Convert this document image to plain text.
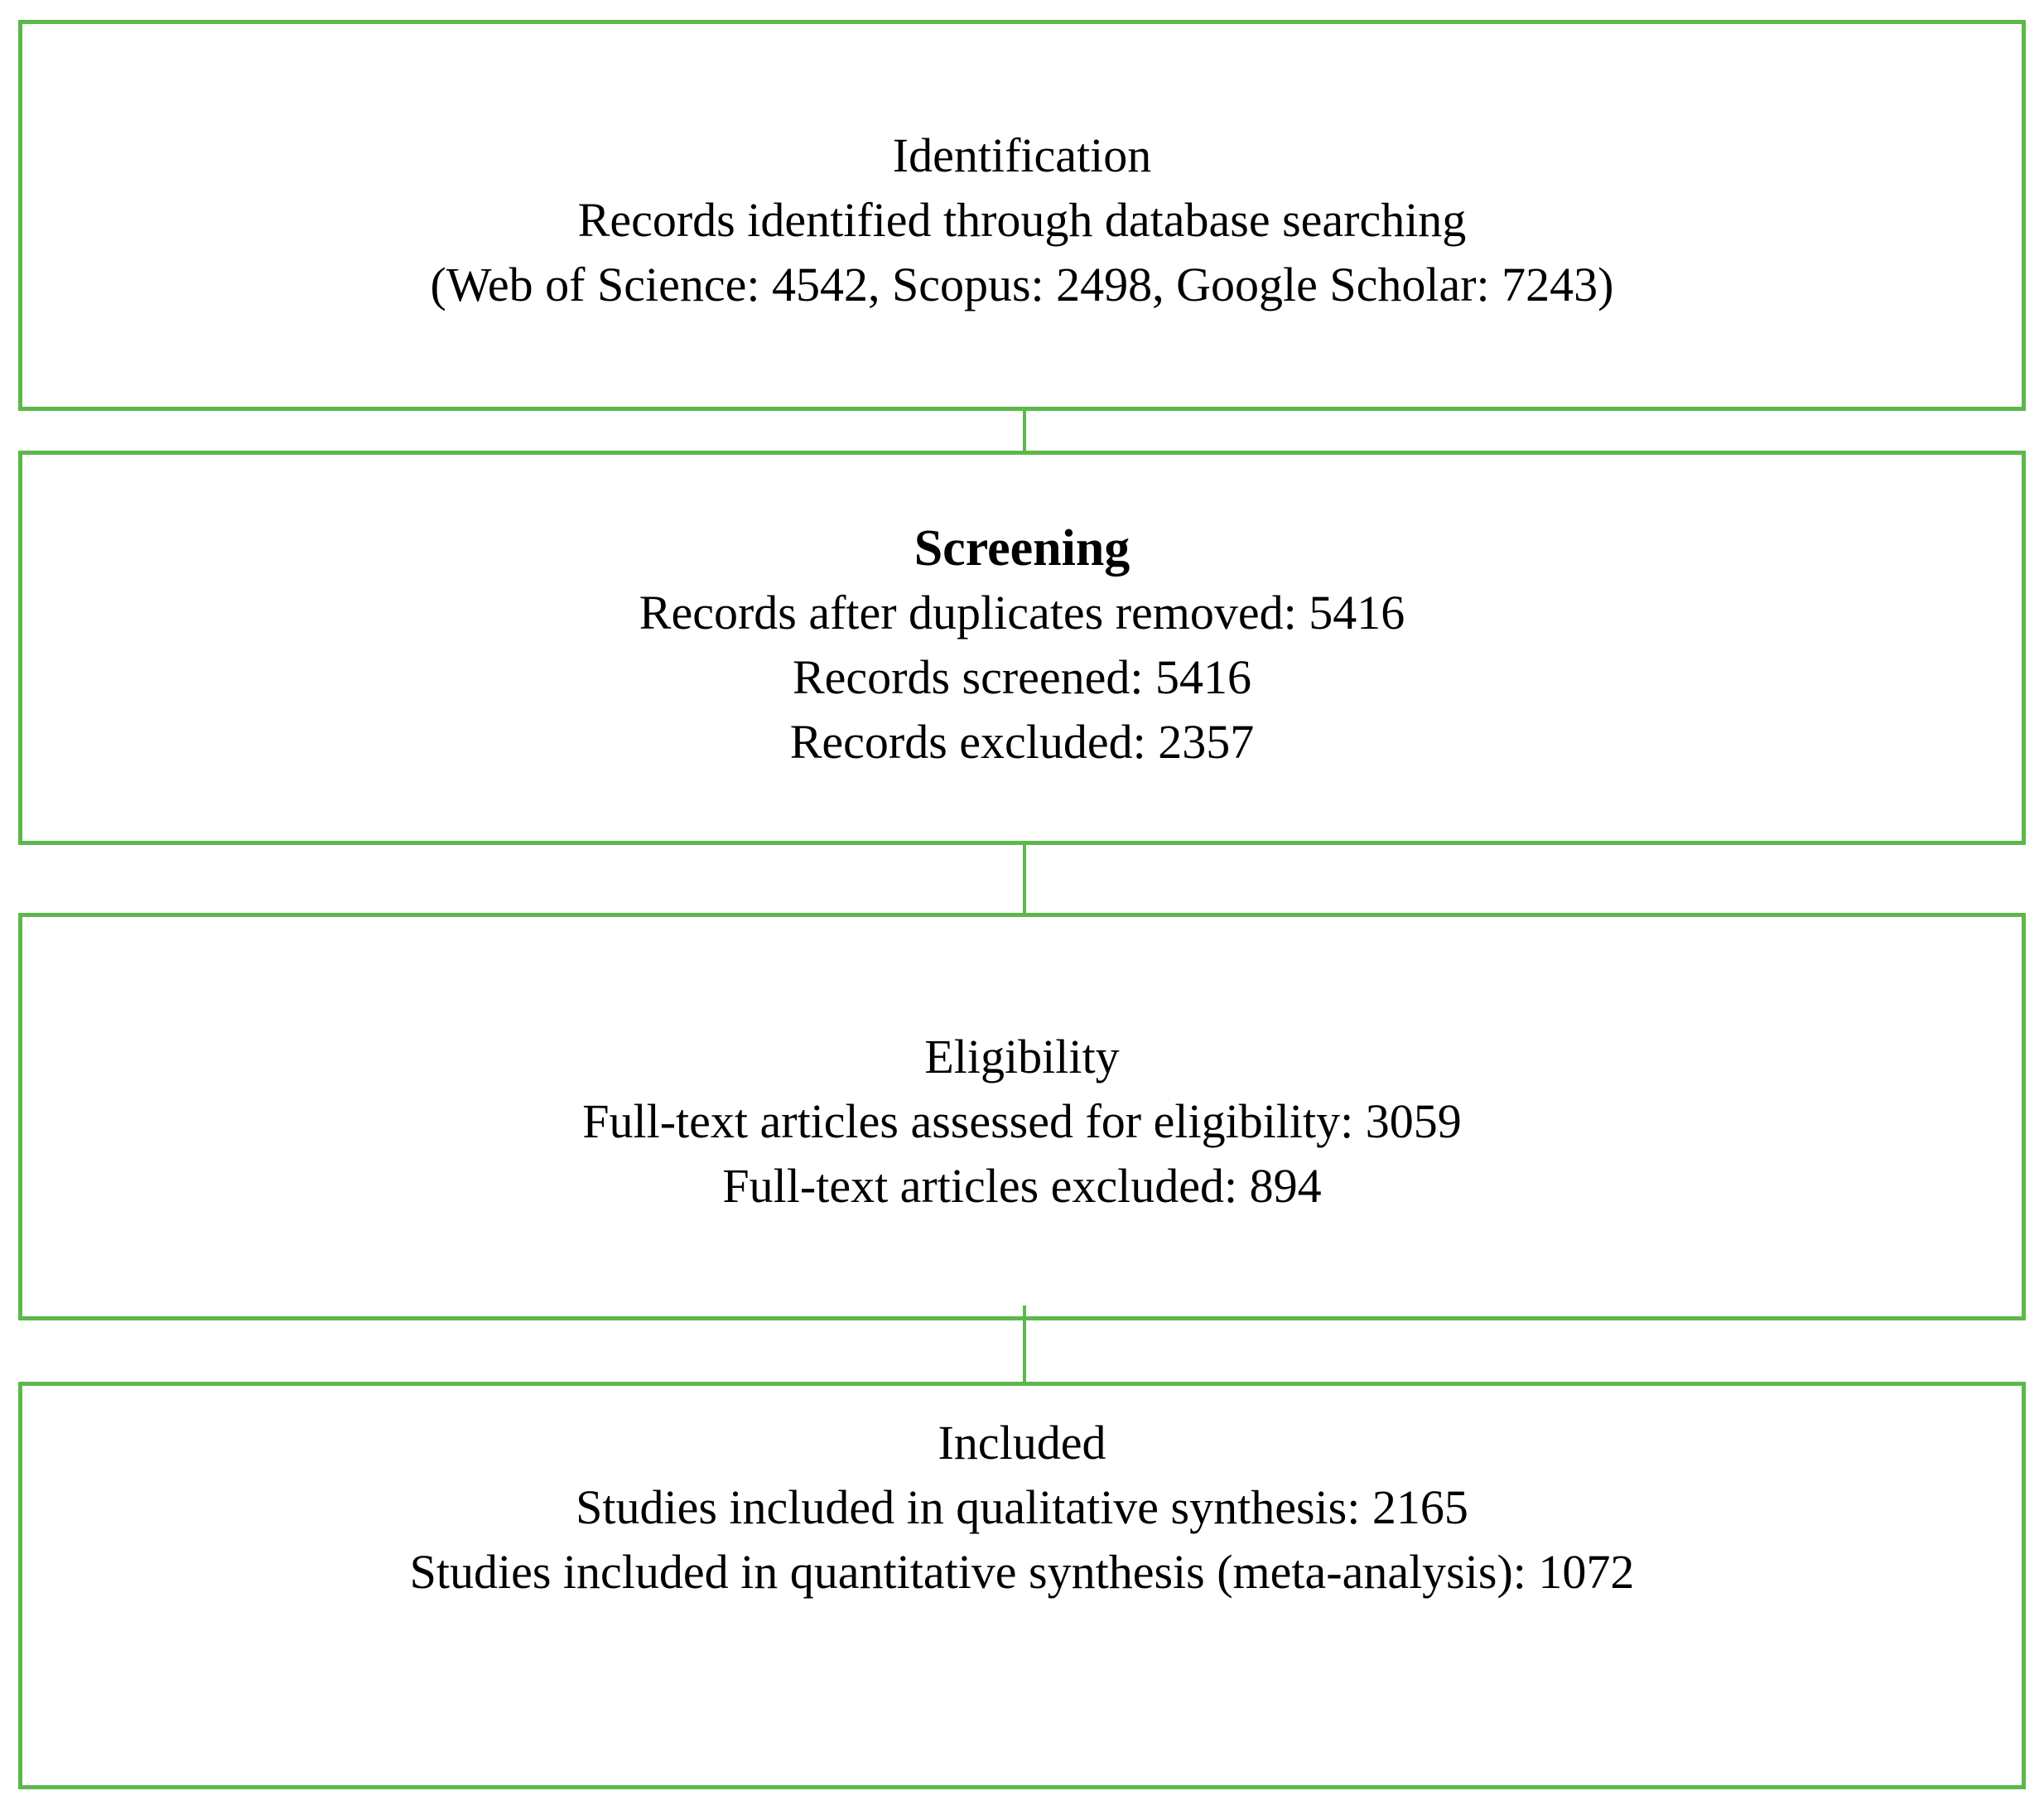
Identification
Records identified through database searching
(Web of Science: 4542, Scopus: 2498, Google Scholar: 7243)
Screening
Records after duplicates removed: 5416
Records screened: 5416
Records excluded: 2357
Eligibility
Full-text articles assessed for eligibility: 3059
Full-text articles excluded: 894
Included
Studies included in qualitative synthesis: 2165
Studies included in quantitative synthesis (meta-analysis): 1072
